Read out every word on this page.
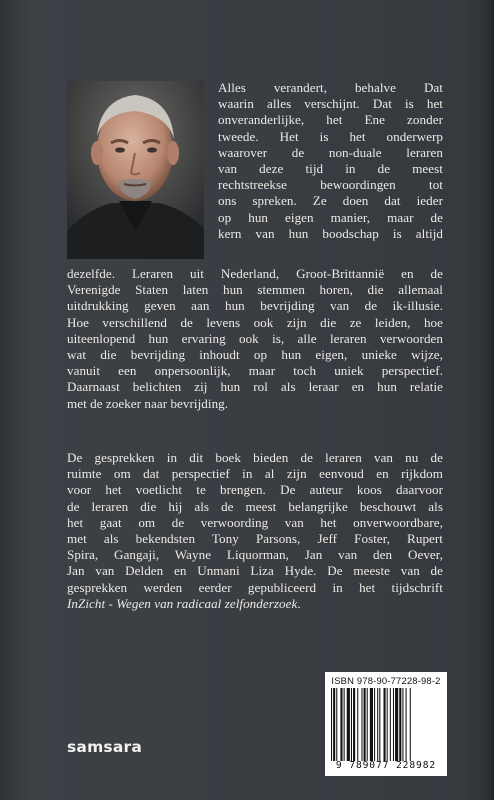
Alles verandert, behalve Dat
waarin alles verschijnt. Dat is het
onveranderlijke, het Ene zonder
tweede. Het is het onderwerp
waarover de non-duale leraren
van deze tijd in de meest
rechtstreekse bewoordingen tot
ons spreken. Ze doen dat ieder
op hun eigen manier, maar de
kern van hun boodschap is altijd
dezelfde. Leraren uit Nederland, Groot-Brittannië en de
Verenigde Staten laten hun stemmen horen, die allemaal
uitdrukking geven aan hun bevrijding van de ik-illusie.
Hoe verschillend de levens ook zijn die ze leiden, hoe
uiteenlopend hun ervaring ook is, alle leraren verwoorden
wat die bevrijding inhoudt op hun eigen, unieke wijze,
vanuit een onpersoonlijk, maar toch uniek perspectief.
Daarnaast belichten zij hun rol als leraar en hun relatie
met de zoeker naar bevrijding.
De gesprekken in dit boek bieden de leraren van nu de
ruimte om dat perspectief in al zijn eenvoud en rijkdom
voor het voetlicht te brengen. De auteur koos daarvoor
de leraren die hij als de meest belangrijke beschouwt als
het gaat om de verwoording van het onverwoordbare,
met als bekendsten Tony Parsons, Jeff Foster, Rupert
Spira, Gangaji, Wayne Liquorman, Jan van den Oever,
Jan van Delden en Unmani Liza Hyde. De meeste van de
gesprekken werden eerder gepubliceerd in het tijdschrift
InZicht - Wegen van radicaal zelfonderzoek.
ISBN 978-90-77228-98-2
9 789077 228982
samsara
